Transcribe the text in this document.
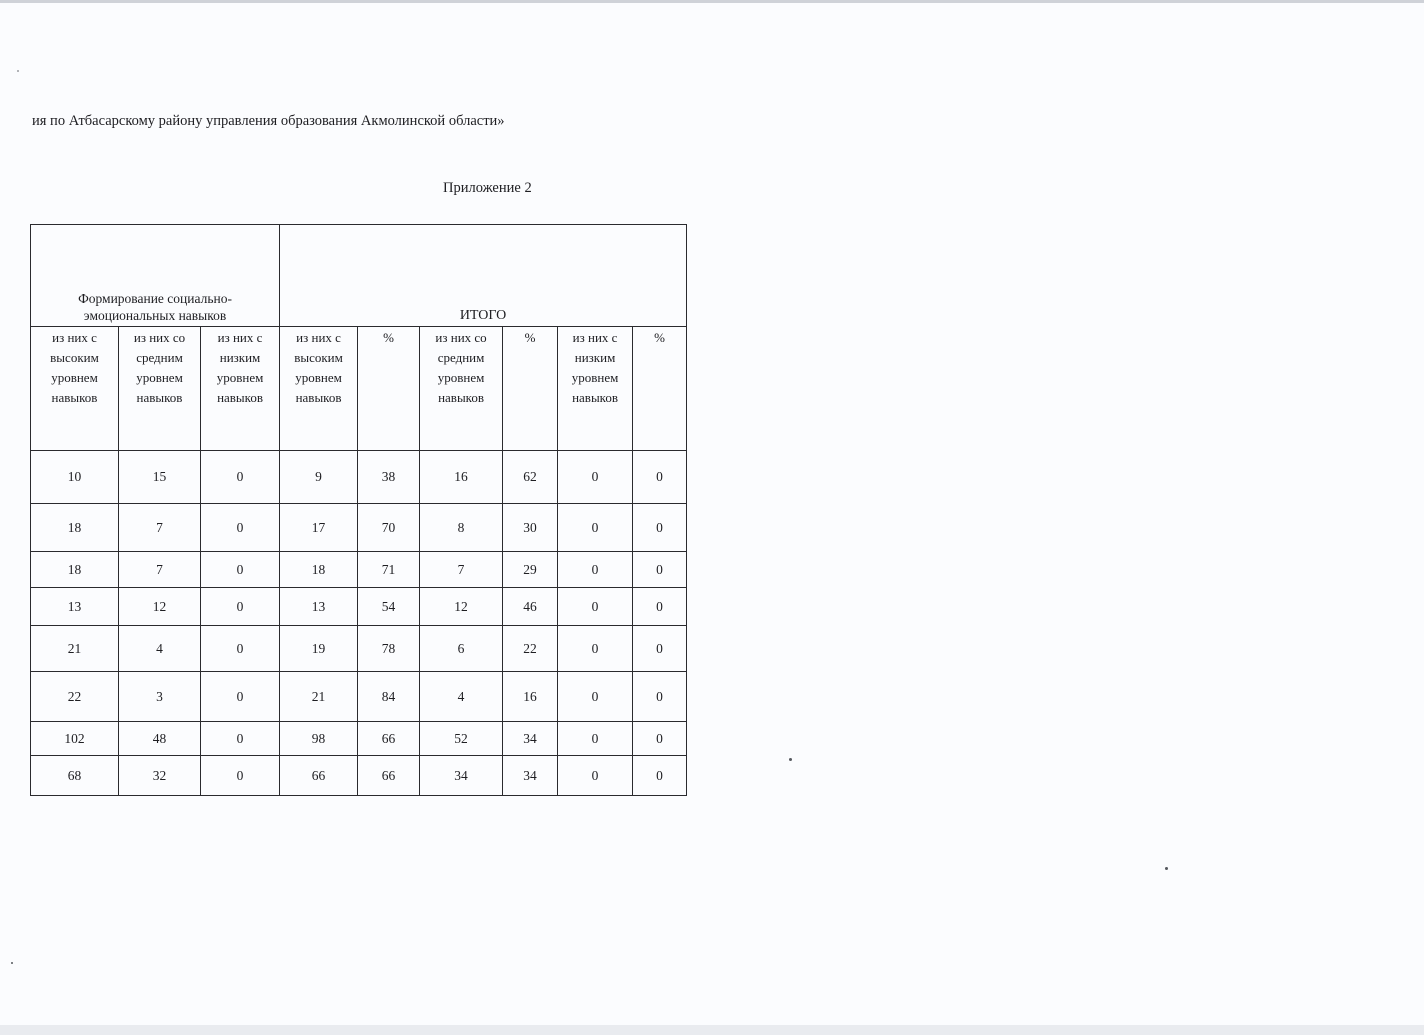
ия по Атбасарскому району управления образования Акмолинской области»
Приложение 2
Формирование социально-эмоциональных навыков			ИТОГО					

из них с высоким уровнем навыков	из них со средним уровнем навыков	из них с низким уровнем навыков	из них с высоким уровнем навыков	%	из них со средним уровнем навыков	%	из них с низким уровнем навыков	%
10	15	0	9	38	16	62	0	0
18	7	0	17	70	8	30	0	0
18	7	0	18	71	7	29	0	0
13	12	0	13	54	12	46	0	0
21	4	0	19	78	6	22	0	0
22	3	0	21	84	4	16	0	0
102	48	0	98	66	52	34	0	0
68	32	0	66	66	34	34	0	0
